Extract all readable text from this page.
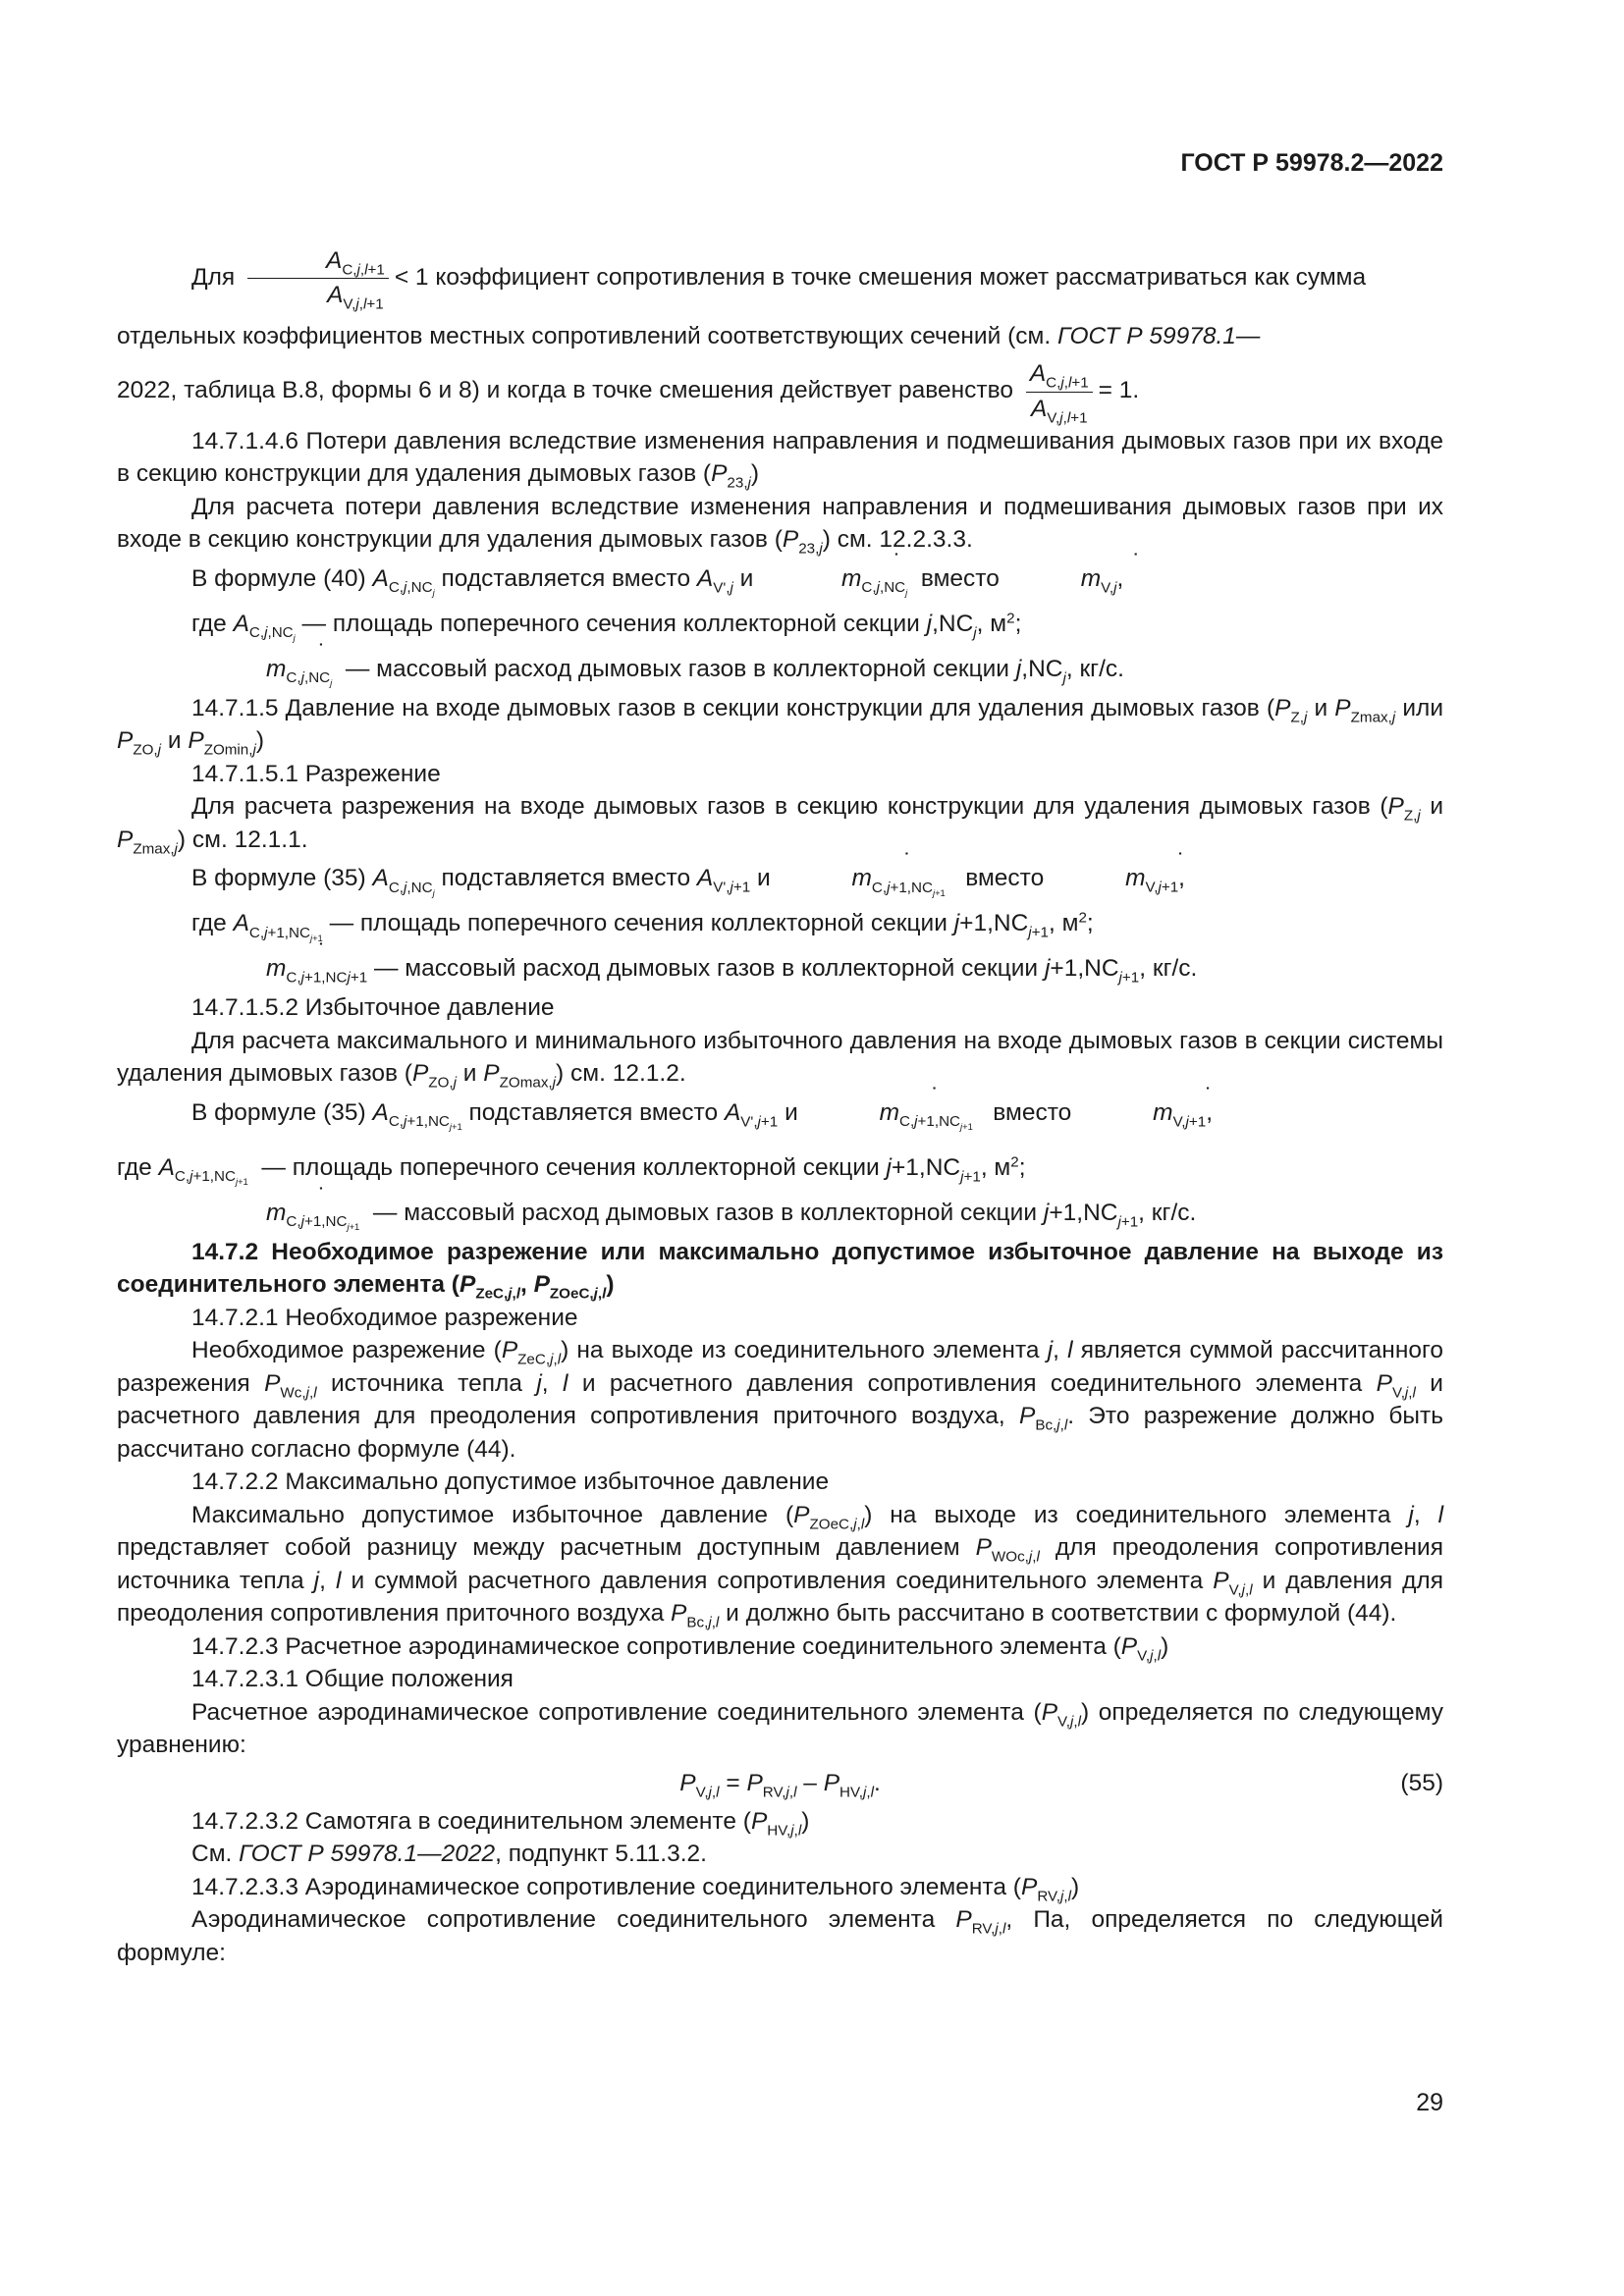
ГОСТ Р 59978.2—2022

Для $\frac{A_{C,j,l+1}}{A_{V,j,l+1}} < 1$ коэффициент сопротивления в точке смешения может рассматриваться как сумма

отдельных коэффициентов местных сопротивлений соответствующих сечений (см. ГОСТ Р 59978.1—

2022, таблица В.8, формы 6 и 8) и когда в точке смешения действует равенство $\frac{A_{C,j,l+1}}{A_{V,j,l+1}} = 1$.

14.7.1.4.6 Потери давления вследствие изменения направления и подмешивания дымовых газов при их входе в секцию конструкции для удаления дымовых газов $(P_{23,j})$

Для расчета потери давления вследствие изменения направления и подмешивания дымовых газов при их входе в секцию конструкции для удаления дымовых газов $(P_{23,j})$ см. 12.2.3.3.

В формуле (40) $A_{C,j,NC_j}$ подставляется вместо $A_{V',j}$ и	˙ $m_{C,j,NC_j}$  вместо	˙ $m_{V,j}$,

где $A_{C,j,NC_j}$ — площадь поперечного сечения коллекторной секции $j,NC_j$, $м^2$;

˙ $m_{C,j,NC_j}$  — массовый расход дымовых газов в коллекторной секции $j,NC_j$, кг/с.

14.7.1.5 Давление на входе дымовых газов в секции конструкции для удаления дымовых газов ($P_{Z,j}$ и $P_{Zmax,j}$ или $P_{ZO,j}$ и $P_{ZOmin,j}$)

14.7.1.5.1 Разрежение

Для расчета разрежения на входе дымовых газов в секцию конструкции для удаления дымовых газов ($P_{Z,j}$ и $P_{Zmax,j}$) см. 12.1.1.

В формуле (35) $A_{C,j,NC_j}$ подставляется вместо $A_{V',j+1}$ и	˙ $m_{C,j+1,NC_{j+1}}$   вместо	˙ $m_{V,j+1}$,

где $A_{C,j+1,NC_{j+1}}$ — площадь поперечного сечения коллекторной секции $j+1,NC_{j+1}$, $м^2$;

˙ $m_{C,j+1,NCj+1}$ — массовый расход дымовых газов в коллекторной секции $j+1,NC_{j+1}$, кг/с.

14.7.1.5.2 Избыточное давление

Для расчета максимального и минимального избыточного давления на входе дымовых газов в секции системы удаления дымовых газов ($P_{ZO,j}$ и $P_{ZOmax,j}$) см. 12.1.2.

В формуле (35) $A_{C,j+1,NC_{j+1}}$ подставляется вместо $A_{V',j+1}$ и	˙ $m_{C,j+1,NC_{j+1}}$   вместо	˙ $m_{V,j+1}$,

где $A_{C,j+1,NC_{j+1}}$  — площадь поперечного сечения коллекторной секции $j+1,NC_{j+1}$, $м^2$;

˙ $m_{C,j+1,NC_{j+1}}$  — массовый расход дымовых газов в коллекторной секции $j+1,NC_{j+1}$, кг/с.

14.7.2 Необходимое разрежение или максимально допустимое избыточное давление на выходе из соединительного элемента ($P_{ZeC,j,l}$, $P_{ZOeC,j,l}$)

14.7.2.1 Необходимое разрежение

Необходимое разрежение $(P_{ZeC,j,l})$ на выходе из соединительного элемента j, l является суммой рассчитанного разрежения $P_{Wc,j,l}$ источника тепла j, l и расчетного давления сопротивления соединительного элемента $P_{V,j,l}$ и расчетного давления для преодоления сопротивления приточного воздуха, $P_{Bc,j,l}$. Это разрежение должно быть рассчитано согласно формуле (44).

14.7.2.2 Максимально допустимое избыточное давление

Максимально допустимое избыточное давление $(P_{ZOeC,j,l})$ на выходе из соединительного элемента j, l представляет собой разницу между расчетным доступным давлением $P_{WOc,j,l}$ для преодоления сопротивления источника тепла j, l и суммой расчетного давления сопротивления соединительного элемента $P_{V,j,l}$ и давления для преодоления сопротивления приточного воздуха $P_{Bc,j,l}$ и должно быть рассчитано в соответствии с формулой (44).

14.7.2.3 Расчетное аэродинамическое сопротивление соединительного элемента $(P_{V,j,l})$

14.7.2.3.1 Общие положения

Расчетное аэродинамическое сопротивление соединительного элемента $(P_{V,j,l})$ определяется по следующему уравнению:

$P_{V,j,l} = P_{RV,j,l} - P_{HV,j,l}$.	(55)

14.7.2.3.2 Самотяга в соединительном элементе $(P_{HV,j,l})$

См. ГОСТ Р 59978.1—2022, подпункт 5.11.3.2.

14.7.2.3.3 Аэродинамическое сопротивление соединительного элемента $(P_{RV,j,l})$

Аэродинамическое сопротивление соединительного элемента $P_{RV,j,l}$, Па, определяется по следующей формуле:

29
